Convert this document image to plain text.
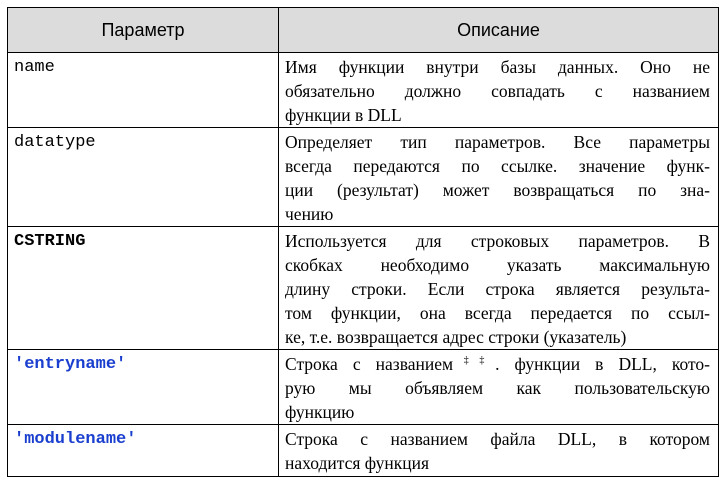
Параметр	Описание
name	Имя функции внутри базы данных. Оно не
обязательно должно совпадать с названием
функции в DLL

datatype	Определяет тип параметров. Все параметры
всегда передаются по ссылке. значение функ-
ции (результат) может возвращаться по зна-
чению

CSTRING	Используется для строковых параметров. В
скобках необходимо указать максимальную
длину строки. Если строка является результа-
том функции, она всегда передается по ссыл-
ке, т.е. возвращается адрес строки (указатель)

'entryname'	Строка с названием‡‡. функции в DLL, кото-
рую мы объявляем как пользовательскую
функцию

'modulename'	Строка с названием файла DLL, в котором
находится функция
